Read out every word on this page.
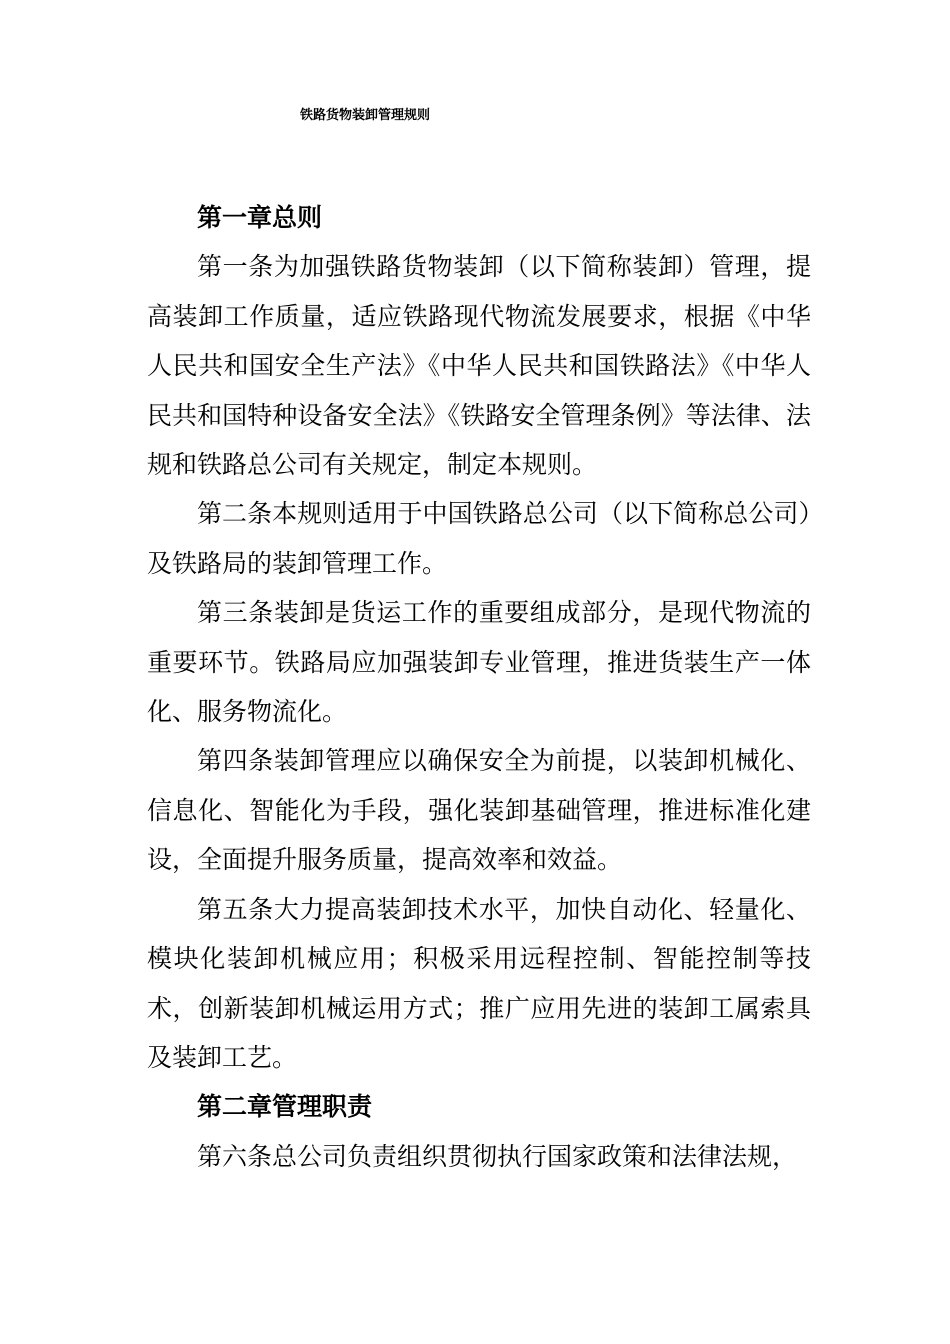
铁路货物装卸管理规则

第一章总则

第一条为加强铁路货物装卸（以下简称装卸）管理，提高装卸工作质量，适应铁路现代物流发展要求，根据《中华人民共和国安全生产法》《中华人民共和国铁路法》《中华人民共和国特种设备安全法》《铁路安全管理条例》等法律、法规和铁路总公司有关规定，制定本规则。

第二条本规则适用于中国铁路总公司（以下简称总公司）及铁路局的装卸管理工作。

第三条装卸是货运工作的重要组成部分，是现代物流的重要环节。铁路局应加强装卸专业管理，推进货装生产一体化、服务物流化。

第四条装卸管理应以确保安全为前提，以装卸机械化、信息化、智能化为手段，强化装卸基础管理，推进标准化建设，全面提升服务质量，提高效率和效益。

第五条大力提高装卸技术水平，加快自动化、轻量化、模块化装卸机械应用；积极采用远程控制、智能控制等技术，创新装卸机械运用方式；推广应用先进的装卸工属索具及装卸工艺。

第二章管理职责

第六条总公司负责组织贯彻执行国家政策和法律法规，
